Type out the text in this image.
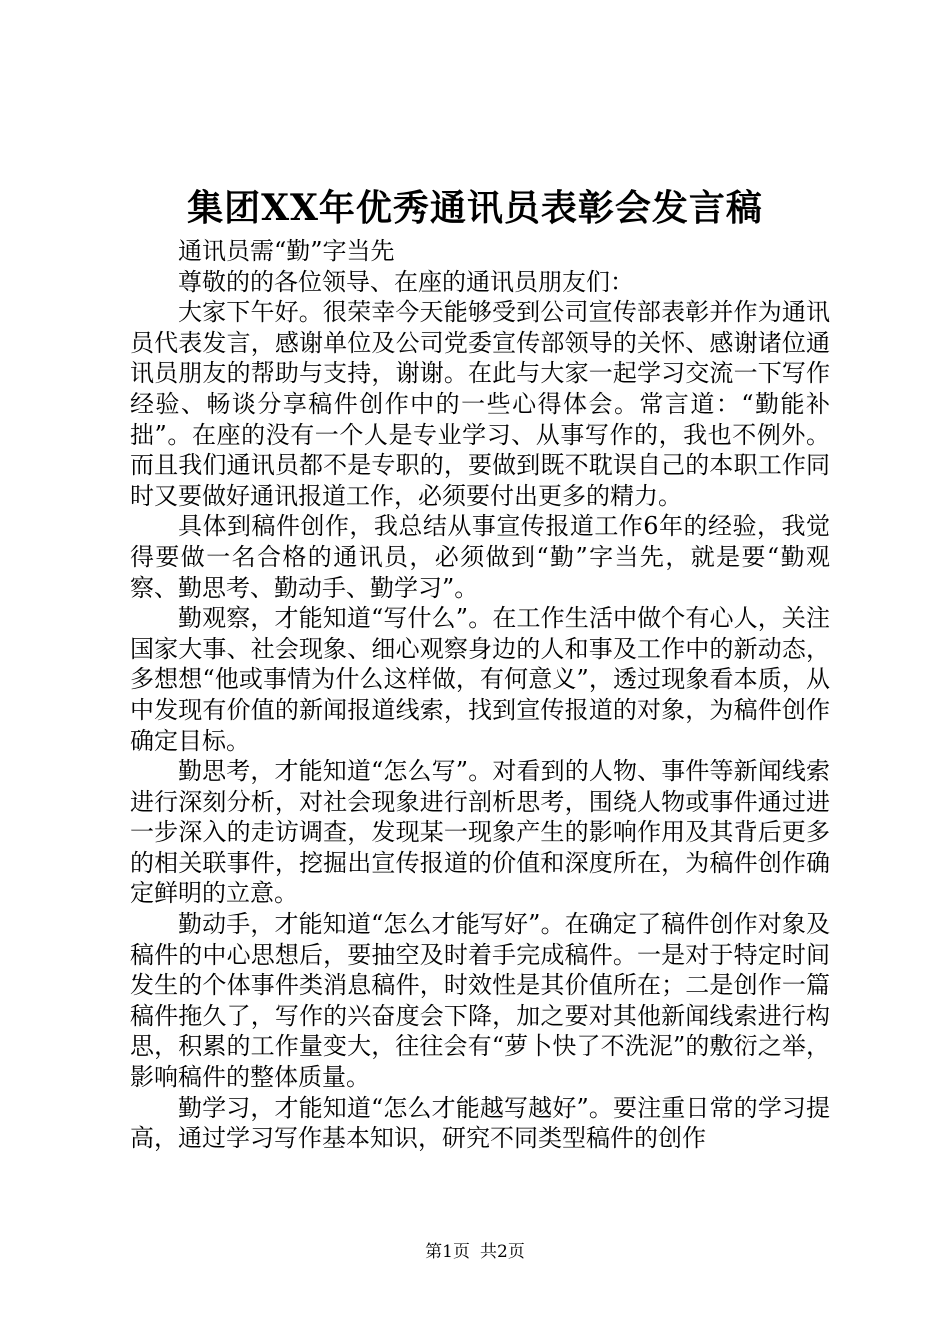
集团XX年优秀通讯员表彰会发言稿

通讯员需“勤”字当先

尊敬的的各位领导、在座的通讯员朋友们：

大家下午好。很荣幸今天能够受到公司宣传部表彰并作为通讯员代表发言，感谢单位及公司党委宣传部领导的关怀、感谢诸位通讯员朋友的帮助与支持，谢谢。在此与大家一起学习交流一下写作经验、畅谈分享稿件创作中的一些心得体会。常言道：“勤能补拙”。在座的没有一个人是专业学习、从事写作的，我也不例外。而且我们通讯员都不是专职的，要做到既不耽误自己的本职工作同时又要做好通讯报道工作，必须要付出更多的精力。

具体到稿件创作，我总结从事宣传报道工作6年的经验，我觉得要做一名合格的通讯员，必须做到“勤”字当先，就是要“勤观察、勤思考、勤动手、勤学习”。

勤观察，才能知道“写什么”。在工作生活中做个有心人，关注国家大事、社会现象、细心观察身边的人和事及工作中的新动态，多想想“他或事情为什么这样做，有何意义”，透过现象看本质，从中发现有价值的新闻报道线索，找到宣传报道的对象，为稿件创作确定目标。

勤思考，才能知道“怎么写”。对看到的人物、事件等新闻线索进行深刻分析，对社会现象进行剖析思考，围绕人物或事件通过进一步深入的走访调查，发现某一现象产生的影响作用及其背后更多的相关联事件，挖掘出宣传报道的价值和深度所在，为稿件创作确定鲜明的立意。

勤动手，才能知道“怎么才能写好”。在确定了稿件创作对象及稿件的中心思想后，要抽空及时着手完成稿件。一是对于特定时间发生的个体事件类消息稿件，时效性是其价值所在；二是创作一篇稿件拖久了，写作的兴奋度会下降，加之要对其他新闻线索进行构思，积累的工作量变大，往往会有“萝卜快了不洗泥”的敷衍之举，影响稿件的整体质量。

勤学习，才能知道“怎么才能越写越好”。要注重日常的学习提高，通过学习写作基本知识，研究不同类型稿件的创作

第1页 共2页
